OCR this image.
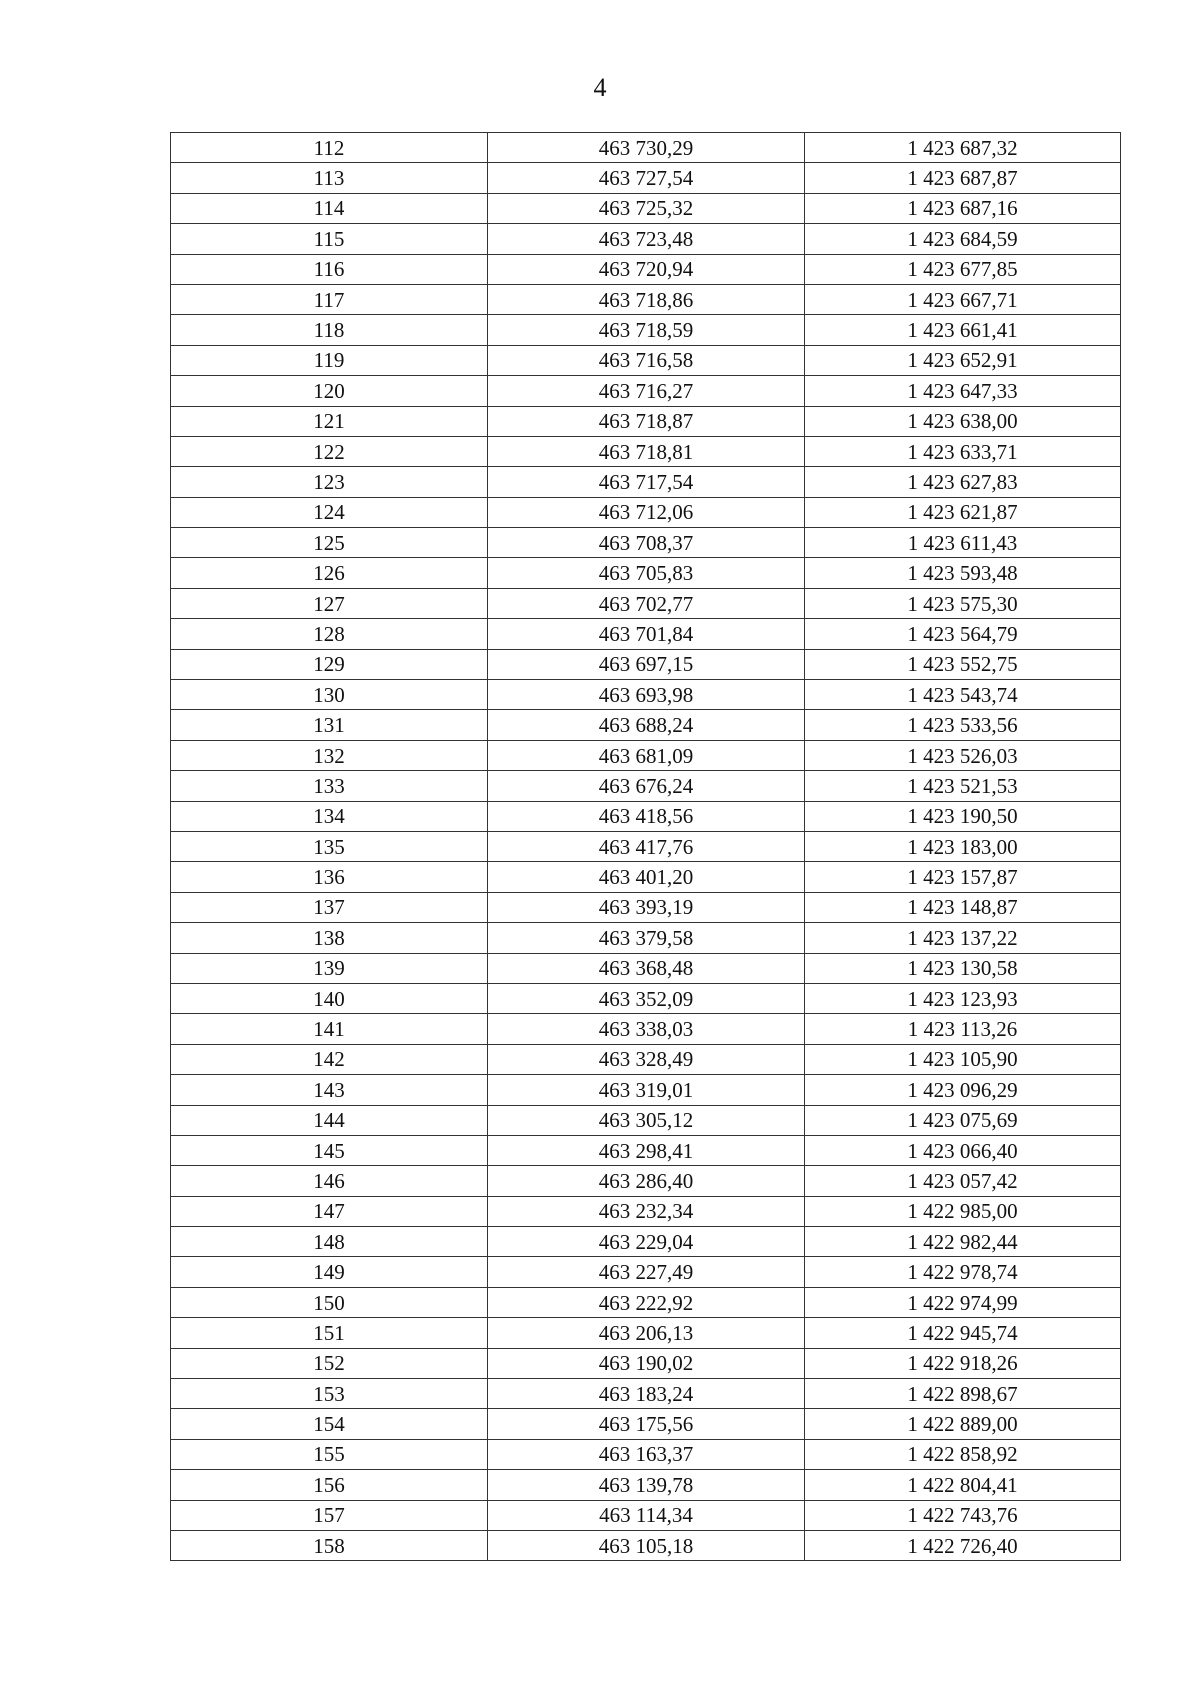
4
112	463 730,29	1 423 687,32
113	463 727,54	1 423 687,87
114	463 725,32	1 423 687,16
115	463 723,48	1 423 684,59
116	463 720,94	1 423 677,85
117	463 718,86	1 423 667,71
118	463 718,59	1 423 661,41
119	463 716,58	1 423 652,91
120	463 716,27	1 423 647,33
121	463 718,87	1 423 638,00
122	463 718,81	1 423 633,71
123	463 717,54	1 423 627,83
124	463 712,06	1 423 621,87
125	463 708,37	1 423 611,43
126	463 705,83	1 423 593,48
127	463 702,77	1 423 575,30
128	463 701,84	1 423 564,79
129	463 697,15	1 423 552,75
130	463 693,98	1 423 543,74
131	463 688,24	1 423 533,56
132	463 681,09	1 423 526,03
133	463 676,24	1 423 521,53
134	463 418,56	1 423 190,50
135	463 417,76	1 423 183,00
136	463 401,20	1 423 157,87
137	463 393,19	1 423 148,87
138	463 379,58	1 423 137,22
139	463 368,48	1 423 130,58
140	463 352,09	1 423 123,93
141	463 338,03	1 423 113,26
142	463 328,49	1 423 105,90
143	463 319,01	1 423 096,29
144	463 305,12	1 423 075,69
145	463 298,41	1 423 066,40
146	463 286,40	1 423 057,42
147	463 232,34	1 422 985,00
148	463 229,04	1 422 982,44
149	463 227,49	1 422 978,74
150	463 222,92	1 422 974,99
151	463 206,13	1 422 945,74
152	463 190,02	1 422 918,26
153	463 183,24	1 422 898,67
154	463 175,56	1 422 889,00
155	463 163,37	1 422 858,92
156	463 139,78	1 422 804,41
157	463 114,34	1 422 743,76
158	463 105,18	1 422 726,40
